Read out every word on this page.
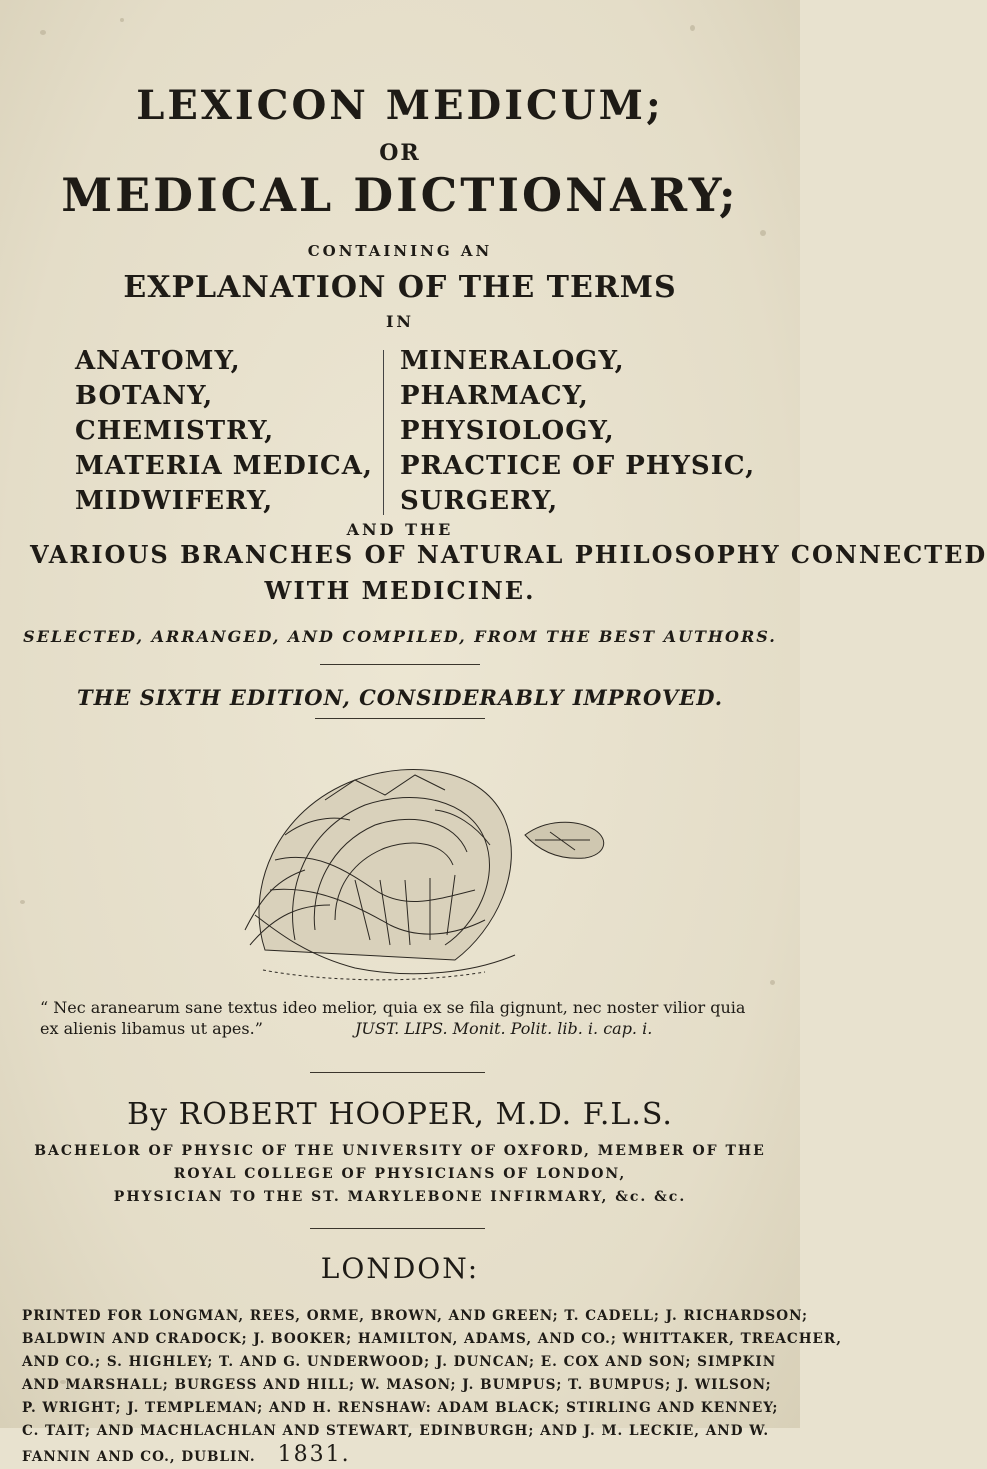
LEXICON MEDICUM;
OR
MEDICAL DICTIONARY;
CONTAINING AN
EXPLANATION OF THE TERMS
IN
ANATOMY,
BOTANY,
CHEMISTRY,
MATERIA MEDICA,
MIDWIFERY,
MINERALOGY,
PHARMACY,
PHYSIOLOGY,
PRACTICE OF PHYSIC,
SURGERY,
AND THE
VARIOUS BRANCHES OF NATURAL PHILOSOPHY CONNECTED
WITH MEDICINE.
SELECTED, ARRANGED, AND COMPILED, FROM THE BEST AUTHORS.
THE SIXTH EDITION, CONSIDERABLY IMPROVED.
“ Nec aranearum sane textus ideo melior, quia ex se fila gignunt, nec noster vilior quia
ex alienis libamus ut apes.”	JUST. LIPS. Monit. Polit. lib. i. cap. i.
By ROBERT HOOPER, M.D. F.L.S.
BACHELOR OF PHYSIC OF THE UNIVERSITY OF OXFORD, MEMBER OF THE
ROYAL COLLEGE OF PHYSICIANS OF LONDON,
PHYSICIAN TO THE ST. MARYLEBONE INFIRMARY, &c. &c.
LONDON:
PRINTED FOR LONGMAN, REES, ORME, BROWN, AND GREEN; T. CADELL; J. RICHARDSON;
BALDWIN AND CRADOCK; J. BOOKER; HAMILTON, ADAMS, AND CO.; WHITTAKER, TREACHER,
AND CO.; S. HIGHLEY; T. AND G. UNDERWOOD; J. DUNCAN; E. COX AND SON; SIMPKIN
AND MARSHALL; BURGESS AND HILL; W. MASON; J. BUMPUS; T. BUMPUS; J. WILSON;
P. WRIGHT; J. TEMPLEMAN; AND H. RENSHAW: ADAM BLACK; STIRLING AND KENNEY;
C. TAIT; AND MACHLACHLAN AND STEWART, EDINBURGH; AND J. M. LECKIE, AND W.
FANNIN AND CO., DUBLIN. 1831.
